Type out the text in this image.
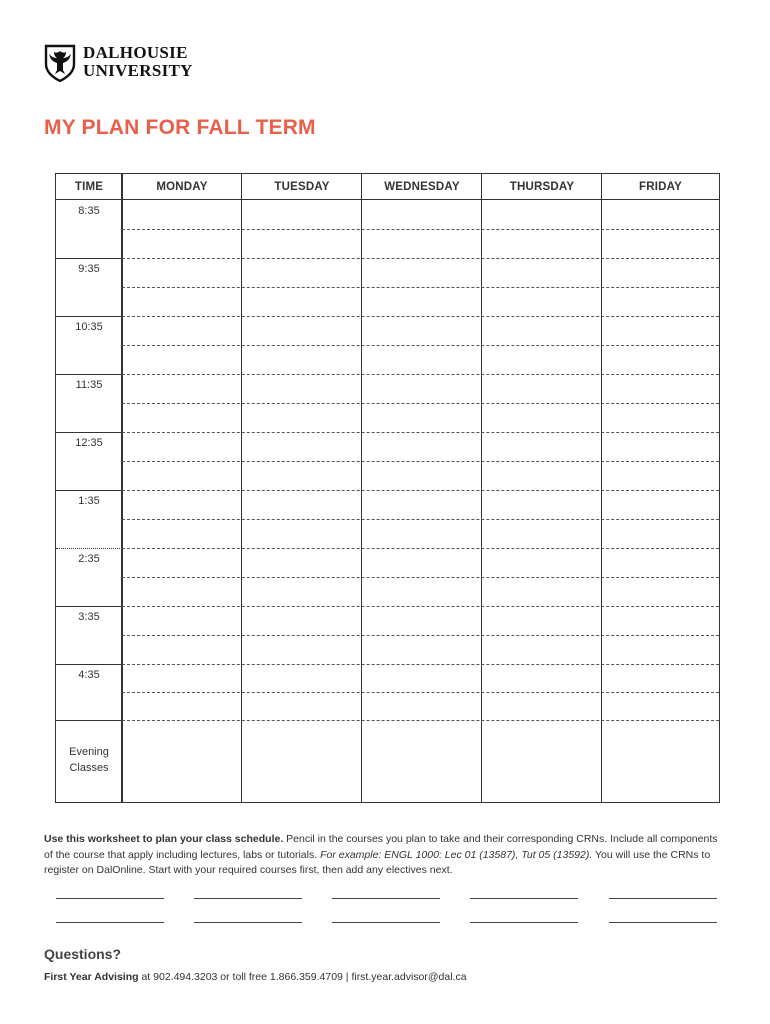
DALHOUSIE
UNIVERSITY
MY PLAN FOR FALL TERM
TIME	MONDAY	TUESDAY	WEDNESDAY	THURSDAY	FRIDAY
8:35
9:35
10:35
11:35
12:35
1:35
2:35
3:35
4:35
Evening
Classes

Use this worksheet to plan your class schedule. Pencil in the courses you plan to take and their corresponding CRNs. Include all components of the course that apply including lectures, labs or tutorials. For example: ENGL 1000: Lec 01 (13587), Tut 05 (13592). You will use the CRNs to register on DalOnline. Start with your required courses first, then add any electives next.

Questions?
First Year Advising at 902.494.3203 or toll free 1.866.359.4709 | first.year.advisor@dal.ca
